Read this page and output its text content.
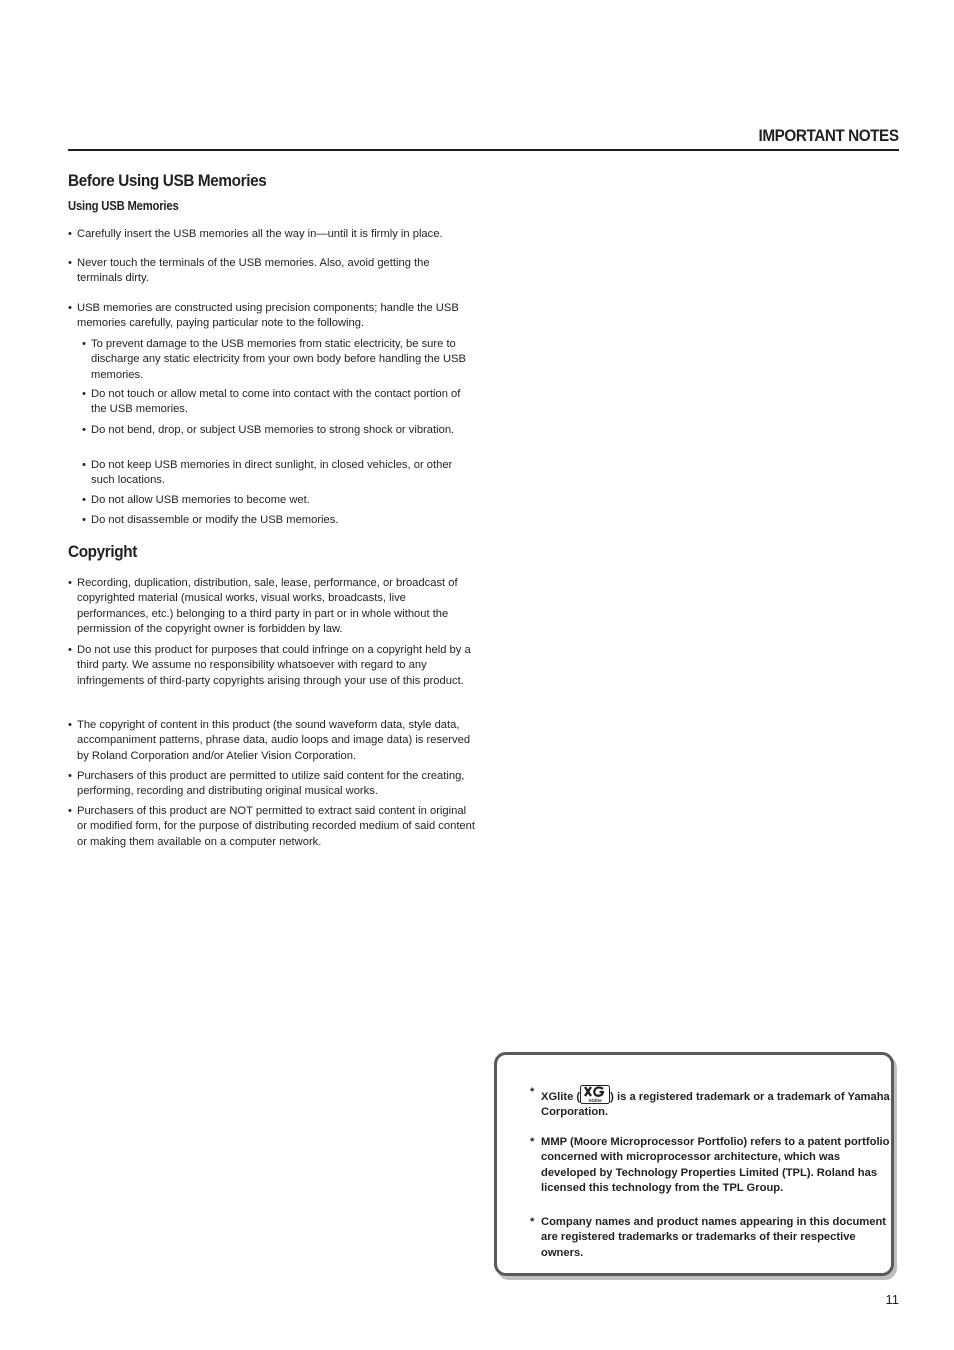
IMPORTANT NOTES
Before Using USB Memories
Using USB Memories
• Carefully insert the USB memories all the way in—until it is firmly in place.
• Never touch the terminals of the USB memories. Also, avoid getting the terminals dirty.
• USB memories are constructed using precision components; handle the USB memories carefully, paying particular note to the following.
• To prevent damage to the USB memories from static electricity, be sure to discharge any static electricity from your own body before handling the USB memories.
• Do not touch or allow metal to come into contact with the contact portion of the USB memories.
• Do not bend, drop, or subject USB memories to strong shock or vibration.
• Do not keep USB memories in direct sunlight, in closed vehicles, or other such locations.
• Do not allow USB memories to become wet.
• Do not disassemble or modify the USB memories.
Copyright
• Recording, duplication, distribution, sale, lease, performance, or broadcast of copyrighted material (musical works, visual works, broadcasts, live performances, etc.) belonging to a third party in part or in whole without the permission of the copyright owner is forbidden by law.
• Do not use this product for purposes that could infringe on a copyright held by a third party. We assume no responsibility whatsoever with regard to any infringements of third-party copyrights arising through your use of this product.
• The copyright of content in this product (the sound waveform data, style data, accompaniment patterns, phrase data, audio loops and image data) is reserved by Roland Corporation and/or Atelier Vision Corporation.
• Purchasers of this product are permitted to utilize said content for the creating, performing, recording and distributing original musical works.
• Purchasers of this product are NOT permitted to extract said content in original or modified form, for the purpose of distributing recorded medium of said content or making them available on a computer network.
* XGlite ( XGlite ) is a registered trademark or a trademark of Yamaha Corporation.
* MMP (Moore Microprocessor Portfolio) refers to a patent portfolio concerned with microprocessor architecture, which was developed by Technology Properties Limited (TPL). Roland has licensed this technology from the TPL Group.
* Company names and product names appearing in this document are registered trademarks or trademarks of their respective owners.
11
